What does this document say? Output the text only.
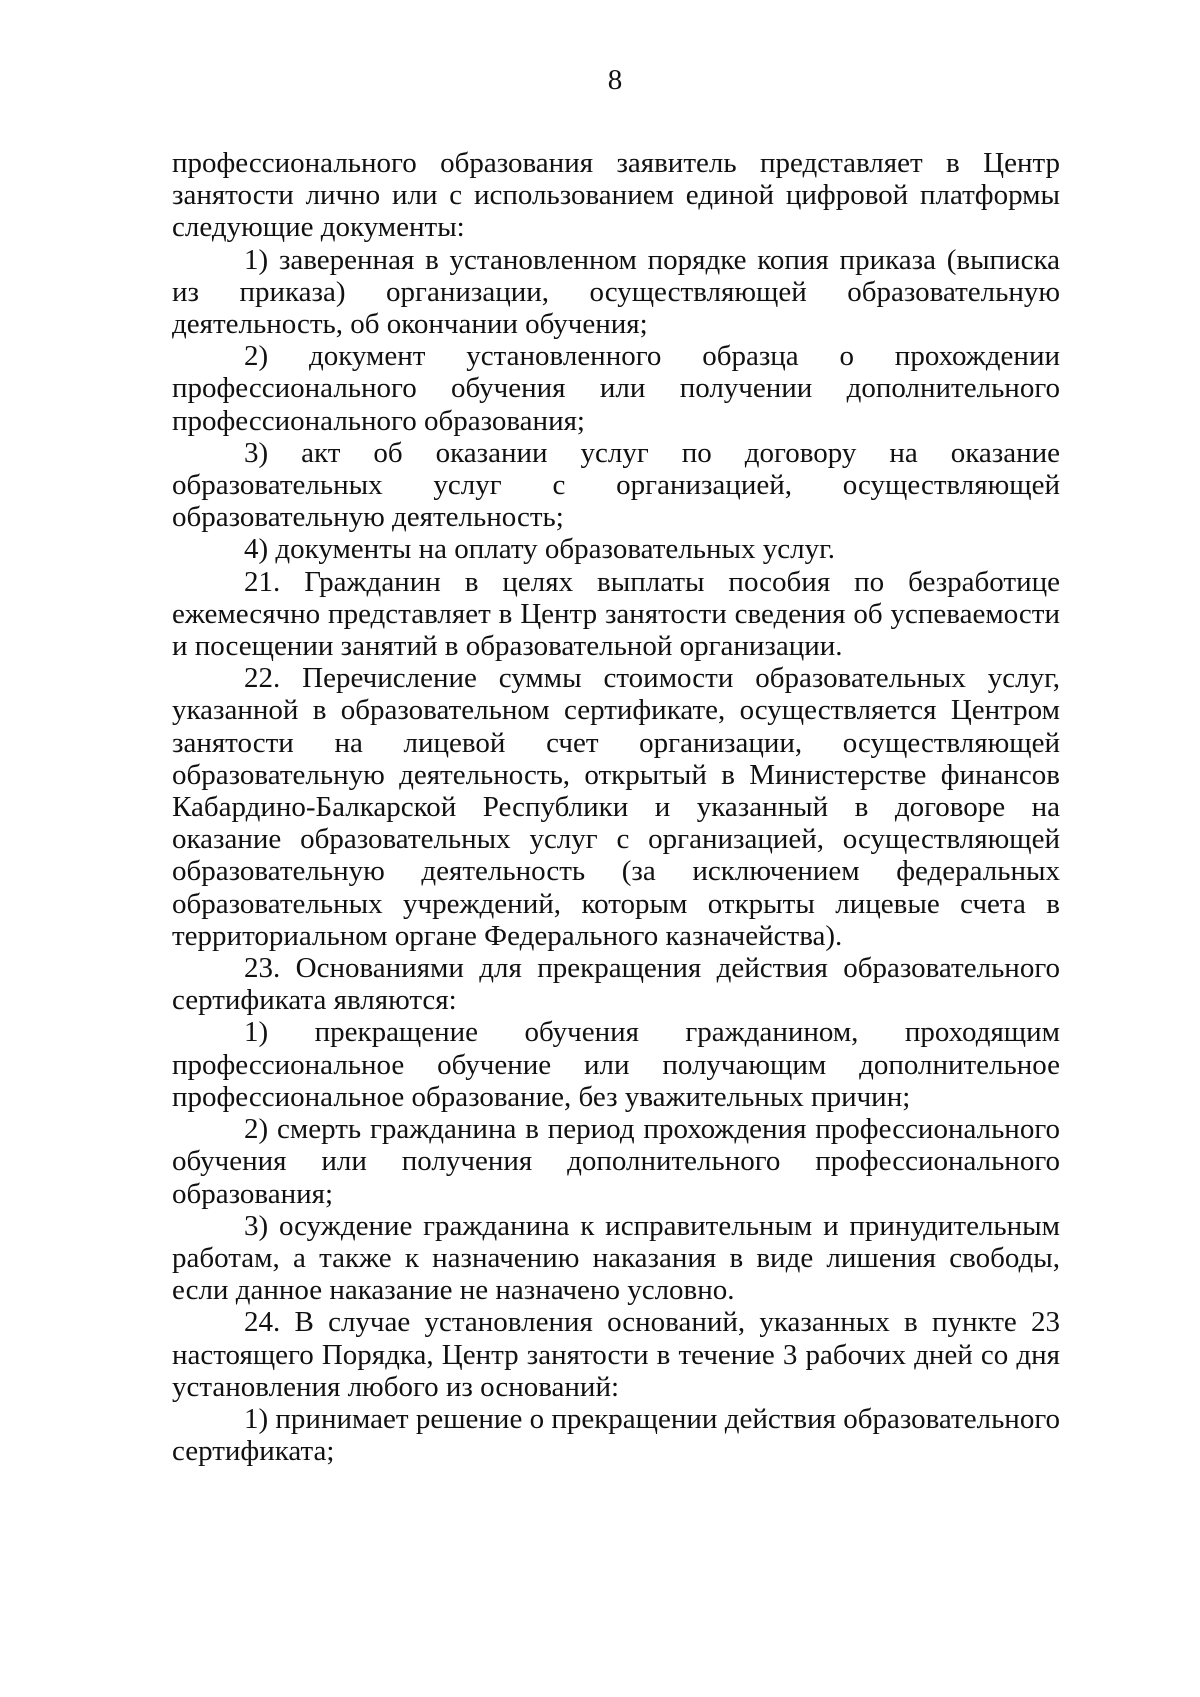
8

профессионального образования заявитель представляет в Центр занятости лично или с использованием единой цифровой платформы следующие документы:

1) заверенная в установленном порядке копия приказа (выписка из приказа) организации, осуществляющей образовательную деятельность, об окончании обучения;

2) документ установленного образца о прохождении профессионального обучения или получении дополнительного профессионального образования;

3) акт об оказании услуг по договору на оказание образовательных услуг с организацией, осуществляющей образовательную деятельность;

4) документы на оплату образовательных услуг.

21. Гражданин в целях выплаты пособия по безработице ежемесячно представляет в Центр занятости сведения об успеваемости и посещении занятий в образовательной организации.

22. Перечисление суммы стоимости образовательных услуг, указанной в образовательном сертификате, осуществляется Центром занятости на лицевой счет организации, осуществляющей образовательную деятельность, открытый в Министерстве финансов Кабардино-Балкарской Республики и указанный в договоре на оказание образовательных услуг с организацией, осуществляющей образовательную деятельность (за исключением федеральных образовательных учреждений, которым открыты лицевые счета в территориальном органе Федерального казначейства).

23. Основаниями для прекращения действия образовательного сертификата являются:

1) прекращение обучения гражданином, проходящим профессиональное обучение или получающим дополнительное профессиональное образование, без уважительных причин;

2) смерть гражданина в период прохождения профессионального обучения или получения дополнительного профессионального образования;

3) осуждение гражданина к исправительным и принудительным работам, а также к назначению наказания в виде лишения свободы, если данное наказание не назначено условно.

24. В случае установления оснований, указанных в пункте 23 настоящего Порядка, Центр занятости в течение 3 рабочих дней со дня установления любого из оснований:

1) принимает решение о прекращении действия образовательного сертификата;
